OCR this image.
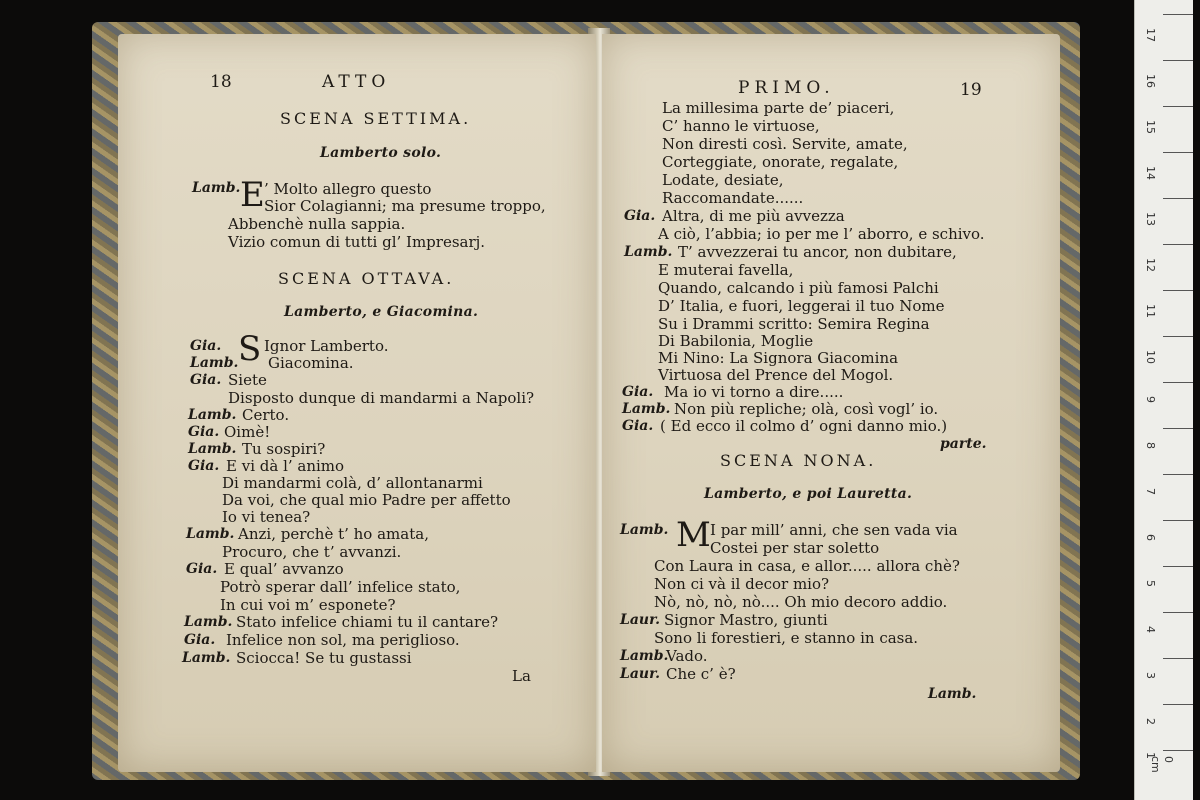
18	ATTO
SCENA SETTIMA.
Lamberto solo.
Lamb. E ’ Molto allegro questo
Sior Colagianni; ma presume troppo,
Abbenchè nulla sappia.
Vizio comun di tutti gl’ Impresarj.
SCENA OTTAVA.
Lamberto, e Giacomina.
S
Gia.	Ignor Lamberto.
Lamb. Giacomina.
Gia. Siete
Disposto dunque di mandarmi a Napoli?
Lamb. Certo.
Gia. Oimè!
Lamb. Tu sospiri?
Gia. E vi dà l’ animo
Di mandarmi colà, d’ allontanarmi
Da voi, che qual mio Padre per affetto
Io vi tenea?
Lamb. Anzi, perchè t’ ho amata,
Procuro, che t’ avvanzi.
Gia. E qual’ avvanzo
Potrò sperar dall’ infelice stato,
In cui voi m’ esponete?
Lamb. Stato infelice chiami tu il cantare?
Gia. Infelice non sol, ma periglioso.
Lamb. Sciocca! Se tu gustassi
La
PRIMO.	19
La millesima parte de’ piaceri,
C’ hanno le virtuose,
Non diresti così. Servite, amate,
Corteggiate, onorate, regalate,
Lodate, desiate,
Raccomandate......
Gia. Altra, di me più avvezza
A ciò, l’abbia; io per me l’ aborro, e schivo.
Lamb. T’ avvezzerai tu ancor, non dubitare,
E muterai favella,
Quando, calcando i più famosi Palchi
D’ Italia, e fuori, leggerai il tuo Nome
Su i Drammi scritto: Semira Regina
Di Babilonia, Moglie
Mi Nino: La Signora Giacomina
Virtuosa del Prence del Mogol.
Gia. Ma io vi torno a dire.....
Lamb. Non più repliche; olà, così vogl’ io.
Gia. ( Ed ecco il colmo d’ ogni danno mio.)
parte.
SCENA NONA.
Lamberto, e poi Lauretta.
M
Lamb.	I par mill’ anni, che sen vada via
Costei per star soletto
Con Laura in casa, e allor..... allora chè?
Non ci và il decor mio?
Nò, nò, nò, nò.... Oh mio decoro addio.
Laur. Signor Mastro, giunti
Sono li forestieri, e stanno in casa.
Lamb.
Vado.
Laur. Che c’ è?
Lamb.
17
16
15
14
13
12
11
10
9
8
7
6
5
4
3
2
1
0 cm
